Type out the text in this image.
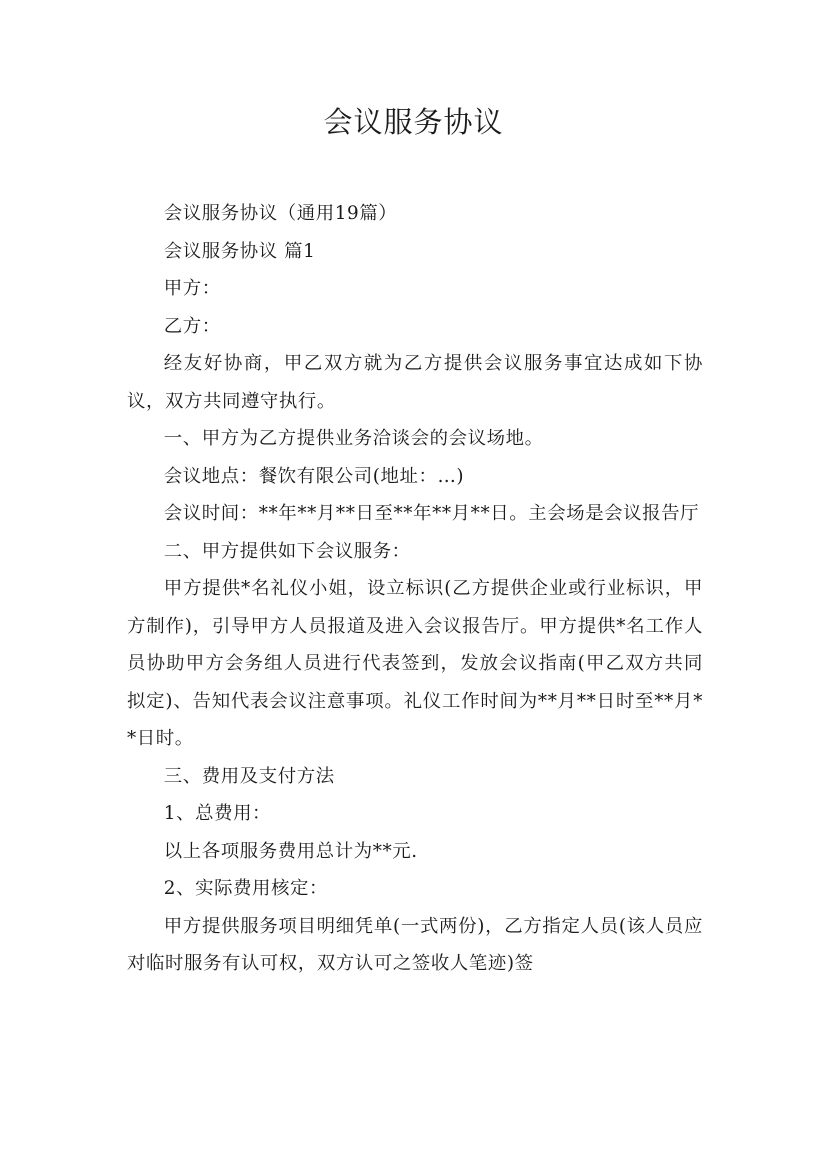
会议服务协议

会议服务协议（通用19篇）

会议服务协议 篇1

甲方：

乙方：

经友好协商，甲乙双方就为乙方提供会议服务事宜达成如下协议，双方共同遵守执行。

一、甲方为乙方提供业务洽谈会的会议场地。

会议地点：餐饮有限公司(地址：…)

会议时间：**年**月**日至**年**月**日。主会场是会议报告厅

二、甲方提供如下会议服务：

甲方提供*名礼仪小姐，设立标识(乙方提供企业或行业标识，甲方制作)，引导甲方人员报道及进入会议报告厅。甲方提供*名工作人员协助甲方会务组人员进行代表签到，发放会议指南(甲乙双方共同拟定)、告知代表会议注意事项。礼仪工作时间为**月**日时至**月**日时。

三、费用及支付方法

1、总费用：

以上各项服务费用总计为**元.

2、实际费用核定：

甲方提供服务项目明细凭单(一式两份)，乙方指定人员(该人员应对临时服务有认可权，双方认可之签收人笔迹)签
